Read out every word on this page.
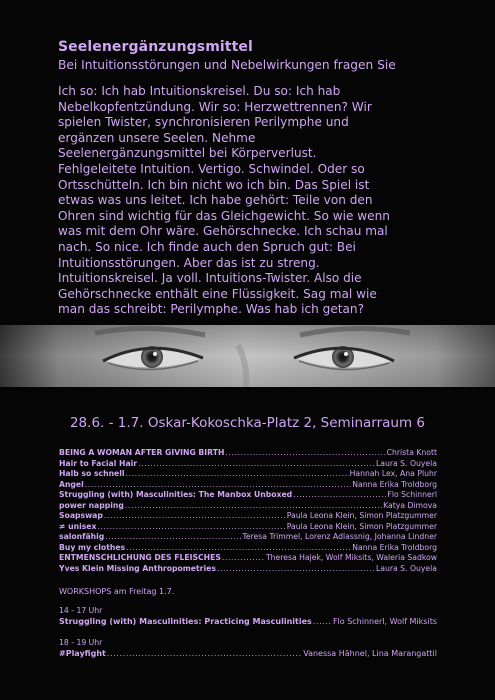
Seelenergänzungsmittel
Bei Intuitionsstörungen und Nebelwirkungen fragen Sie
Ich so: Ich hab Intuitionskreisel. Du so: Ich hab
Nebelkopfentzündung. Wir so: Herzwettrennen? Wir
spielen Twister, synchronisieren Perilymphe und
ergänzen unsere Seelen. Nehme
Seelenergänzungsmittel bei Körperverlust.
Fehlgeleitete Intuition. Vertigo. Schwindel. Oder so
Ortsschütteln. Ich bin nicht wo ich bin. Das Spiel ist
etwas was uns leitet. Ich habe gehört: Teile von den
Ohren sind wichtig für das Gleichgewicht. So wie wenn
was mit dem Ohr wäre. Gehörschnecke. Ich schau mal
nach. So nice. Ich finde auch den Spruch gut: Bei
Intuitionsstörungen. Aber das ist zu streng.
Intuitionskreisel. Ja voll. Intuitions-Twister. Also die
Gehörschnecke enthält eine Flüssigkeit. Sag mal wie
man das schreibt: Perilymphe. Was hab ich getan?
28.6. - 1.7. Oskar-Kokoschka-Platz 2, Seminarraum 6
BEING A WOMAN AFTER GIVING BIRTH .....	Christa Knott
Hair to Facial Hair .....	Laura S. Ouyela
Halb so schnell .....	Hannah Lex, Ana Pluhr
Angel .....	Nanna Erika Troldborg
Struggling (with) Masculinities: The Manbox Unboxed .....	Flo Schinnerl
power napping .....	Katya Dimova
Soapswap .....	Paula Leona Klein, Simon Platzgummer
≠ unisex .....	Paula Leona Klein, Simon Platzgummer
salonfähig .....	Teresa Trimmel, Lorenz Adlassnig, Johanna Lindner
Buy my clothes .....	Nanna Erika Troldborg
ENTMENSCHLICHUNG DES FLEISCHES .....	Theresa Hajek, Wolf Miksits, Waleria Sadkow
Yves Klein Missing Anthropometries .....	Laura S. Ouyela
WORKSHOPS am Freitag 1.7.
14 - 17 Uhr
Struggling (with) Masculinities: Practicing Masculinities .....	Flo Schinnerl, Wolf Miksits
18 - 19 Uhr
#Playfight .....	Vanessa Hähnel, Lina Marangattil
